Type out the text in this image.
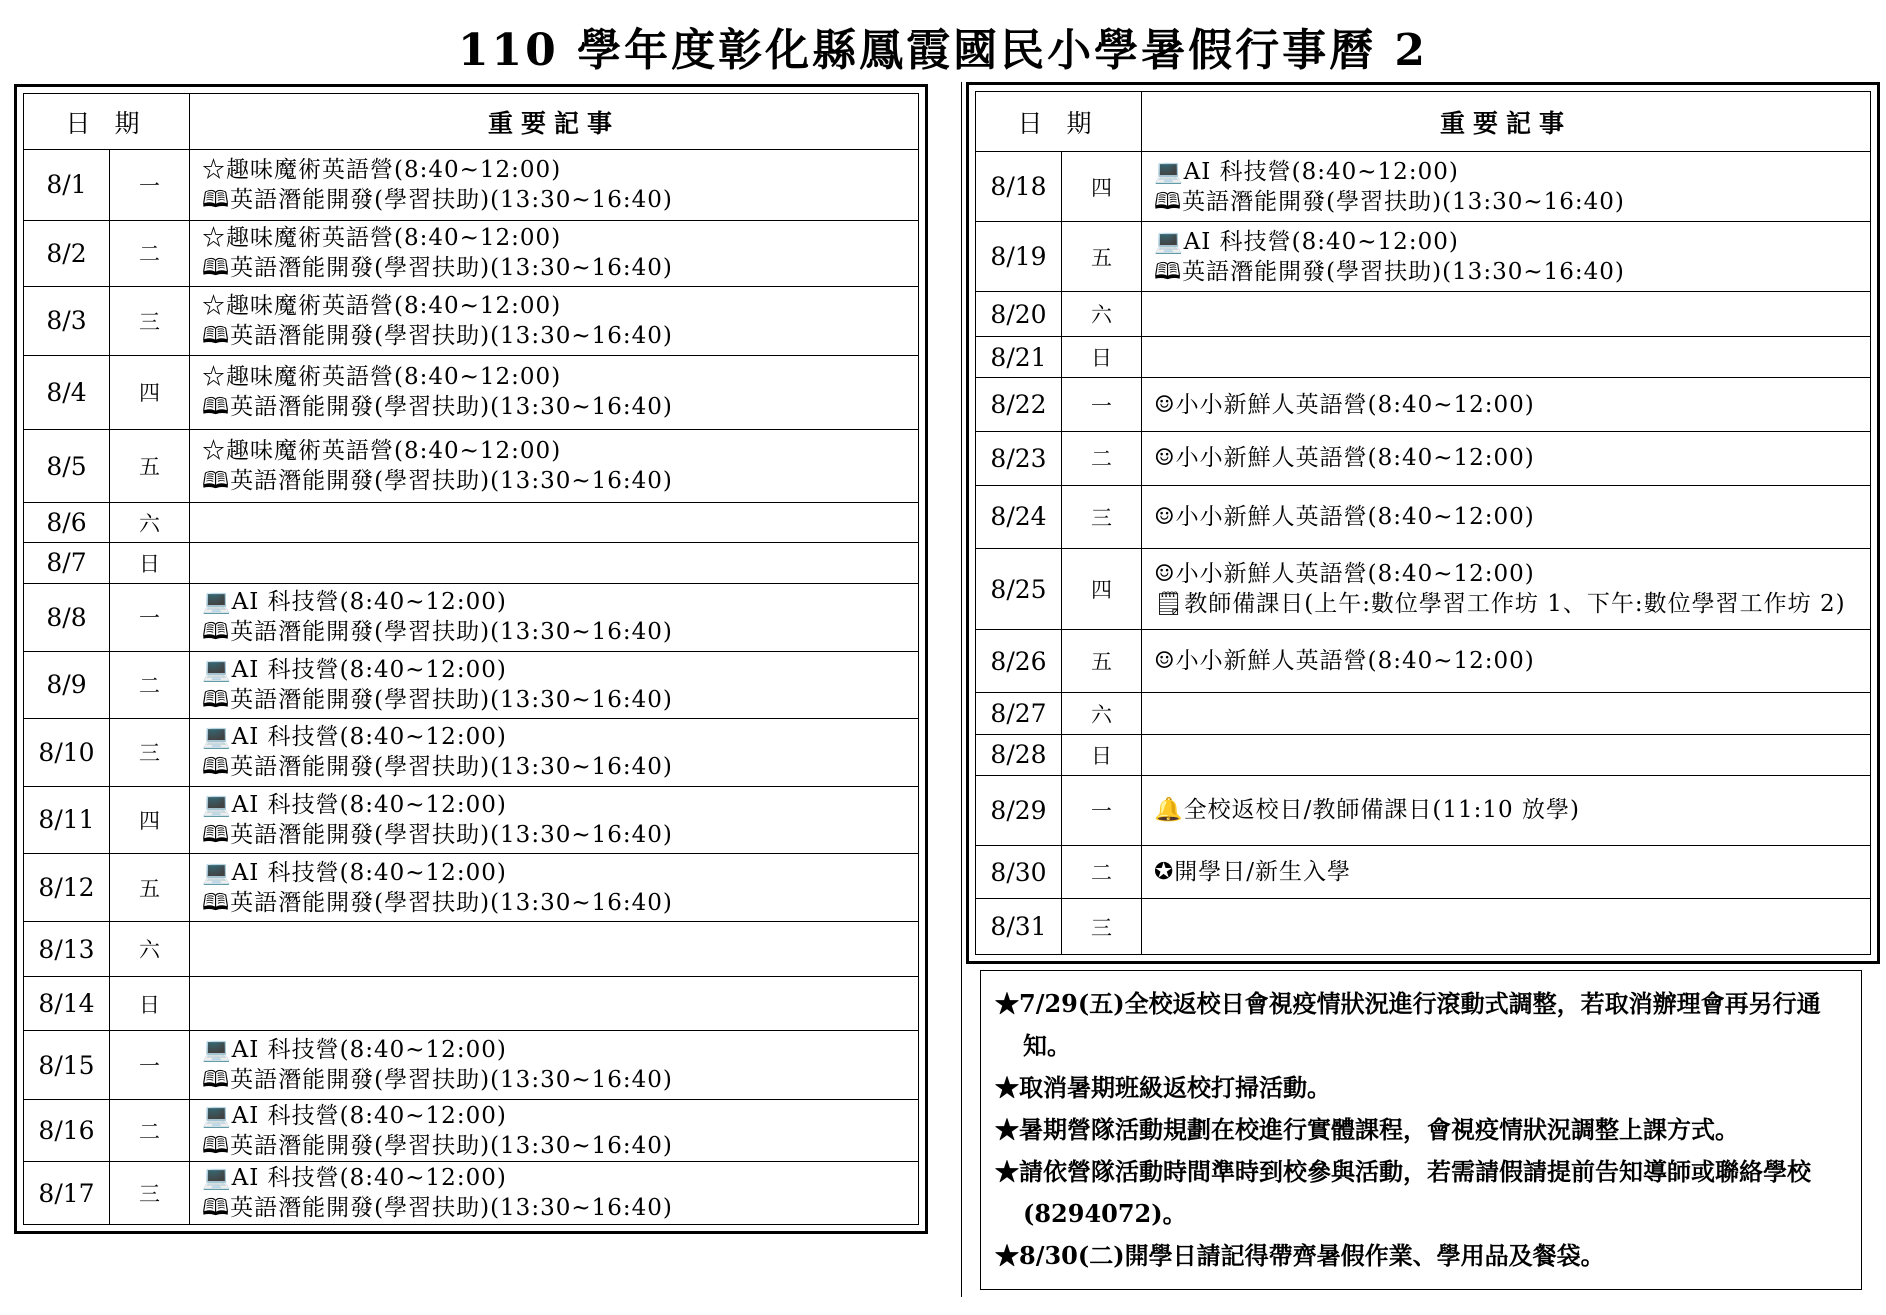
110 學年度彰化縣鳳霞國民小學暑假行事曆 2
日 期		重要記事
8/1	一	☆趣味魔術英語營(8:40~12:00)
🕮英語潛能開發(學習扶助)(13:30~16:40)

8/2	二	☆趣味魔術英語營(8:40~12:00)
🕮英語潛能開發(學習扶助)(13:30~16:40)

8/3	三	☆趣味魔術英語營(8:40~12:00)
🕮英語潛能開發(學習扶助)(13:30~16:40)

8/4	四	☆趣味魔術英語營(8:40~12:00)
🕮英語潛能開發(學習扶助)(13:30~16:40)

8/5	五	☆趣味魔術英語營(8:40~12:00)
🕮英語潛能開發(學習扶助)(13:30~16:40)

8/6	六	
8/7	日	
8/8	一	💻AI 科技營(8:40~12:00)
🕮英語潛能開發(學習扶助)(13:30~16:40)

8/9	二	💻AI 科技營(8:40~12:00)
🕮英語潛能開發(學習扶助)(13:30~16:40)

8/10	三	💻AI 科技營(8:40~12:00)
🕮英語潛能開發(學習扶助)(13:30~16:40)

8/11	四	💻AI 科技營(8:40~12:00)
🕮英語潛能開發(學習扶助)(13:30~16:40)

8/12	五	💻AI 科技營(8:40~12:00)
🕮英語潛能開發(學習扶助)(13:30~16:40)

8/13	六	
8/14	日	
8/15	一	💻AI 科技營(8:40~12:00)
🕮英語潛能開發(學習扶助)(13:30~16:40)

8/16	二	💻AI 科技營(8:40~12:00)
🕮英語潛能開發(學習扶助)(13:30~16:40)

8/17	三	💻AI 科技營(8:40~12:00)
🕮英語潛能開發(學習扶助)(13:30~16:40)
日 期		重要記事
8/18	四	💻AI 科技營(8:40~12:00)
🕮英語潛能開發(學習扶助)(13:30~16:40)

8/19	五	💻AI 科技營(8:40~12:00)
🕮英語潛能開發(學習扶助)(13:30~16:40)

8/20	六	
8/21	日	
8/22	一	☺小小新鮮人英語營(8:40~12:00)

8/23	二	☺小小新鮮人英語營(8:40~12:00)

8/24	三	☺小小新鮮人英語營(8:40~12:00)

8/25	四	☺小小新鮮人英語營(8:40~12:00)
🗒教師備課日(上午:數位學習工作坊 1、下午:數位學習工作坊 2)

8/26	五	☺小小新鮮人英語營(8:40~12:00)

8/27	六	
8/28	日	
8/29	一	🔔全校返校日/教師備課日(11:10 放學)

8/30	二	✪開學日/新生入學

8/31	三	
★7/29(五)全校返校日會視疫情狀況進行滾動式調整，若取消辦理會再另行通知。
★取消暑期班級返校打掃活動。
★暑期營隊活動規劃在校進行實體課程，會視疫情狀況調整上課方式。
★請依營隊活動時間準時到校參與活動，若需請假請提前告知導師或聯絡學校(8294072)。
★8/30(二)開學日請記得帶齊暑假作業、學用品及餐袋。
